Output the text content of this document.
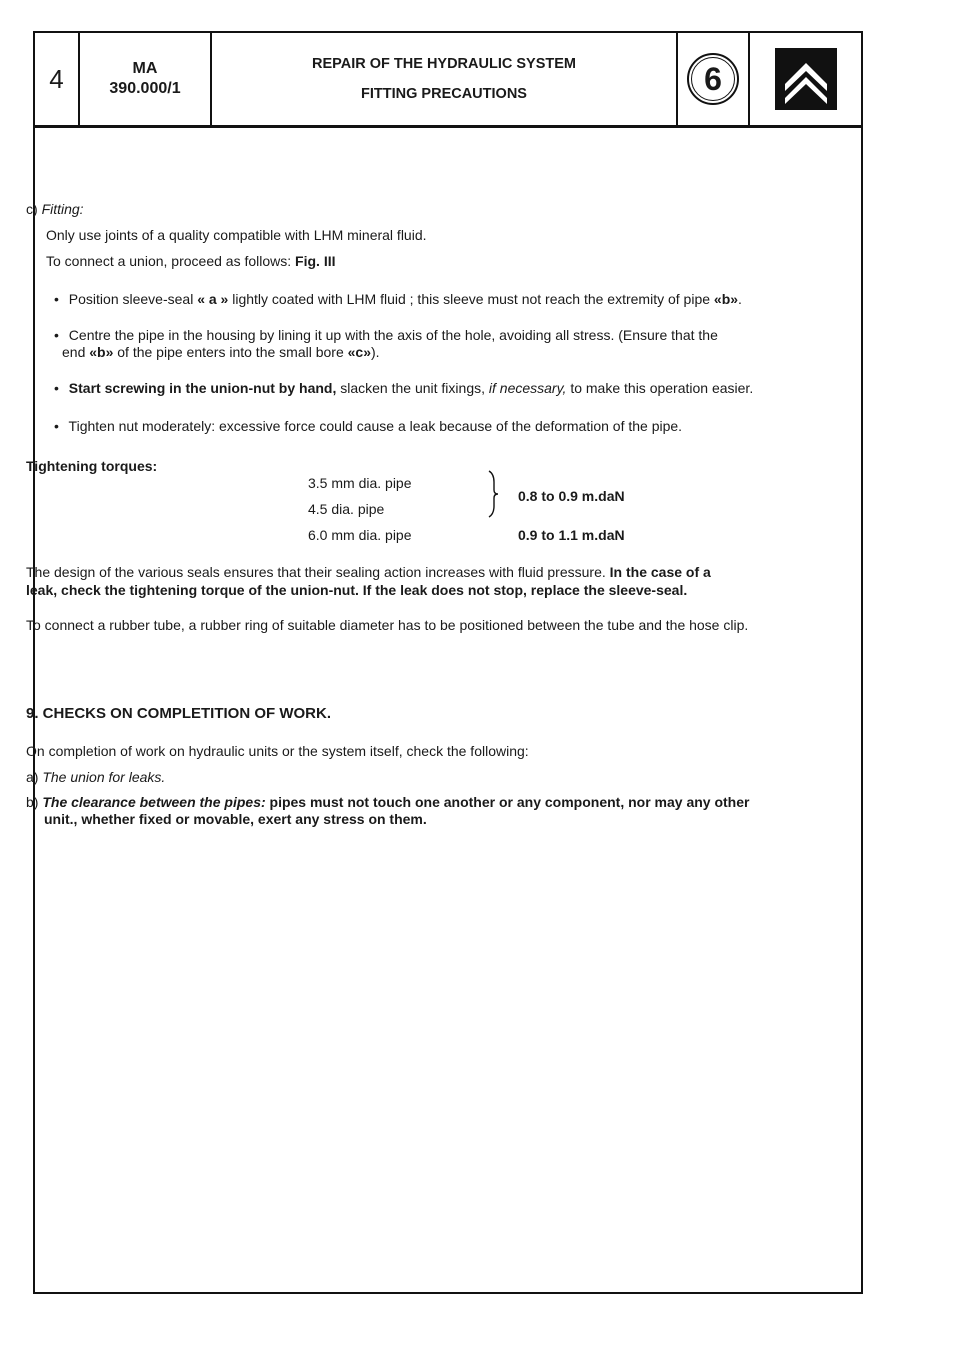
4	MA
390.000/1
REPAIR OF THE HYDRAULIC SYSTEM
FITTING PRECAUTIONS	6
c) Fitting:
Only use joints of a quality compatible with LHM mineral fluid.
To connect a union, proceed as follows: Fig. III
• Position sleeve-seal « a » lightly coated with LHM fluid ; this sleeve must not reach the extremity of pipe «b».
• Centre the pipe in the housing by lining it up with the axis of the hole, avoiding all stress. (Ensure that the
end «b» of the pipe enters into the small bore «c»).
• Start screwing in the union-nut by hand, slacken the unit fixings, if necessary, to make this operation easier.
• Tighten nut moderately: excessive force could cause a leak because of the deformation of the pipe.
Tightening torques:
3.5 mm dia. pipe
4.5 dia. pipe
6.0 mm dia. pipe
0.8 to 0.9 m.daN
0.9 to 1.1 m.daN
The design of the various seals ensures that their sealing action increases with fluid pressure. In the case of a
leak, check the tightening torque of the union-nut. If the leak does not stop, replace the sleeve-seal.
To connect a rubber tube, a rubber ring of suitable diameter has to be positioned between the tube and the hose clip.
9. CHECKS ON COMPLETITION OF WORK.
On completion of work on hydraulic units or the system itself, check the following:
a) The union for leaks.
b) The clearance between the pipes: pipes must not touch one another or any component, nor may any other
unit., whether fixed or movable, exert any stress on them.
